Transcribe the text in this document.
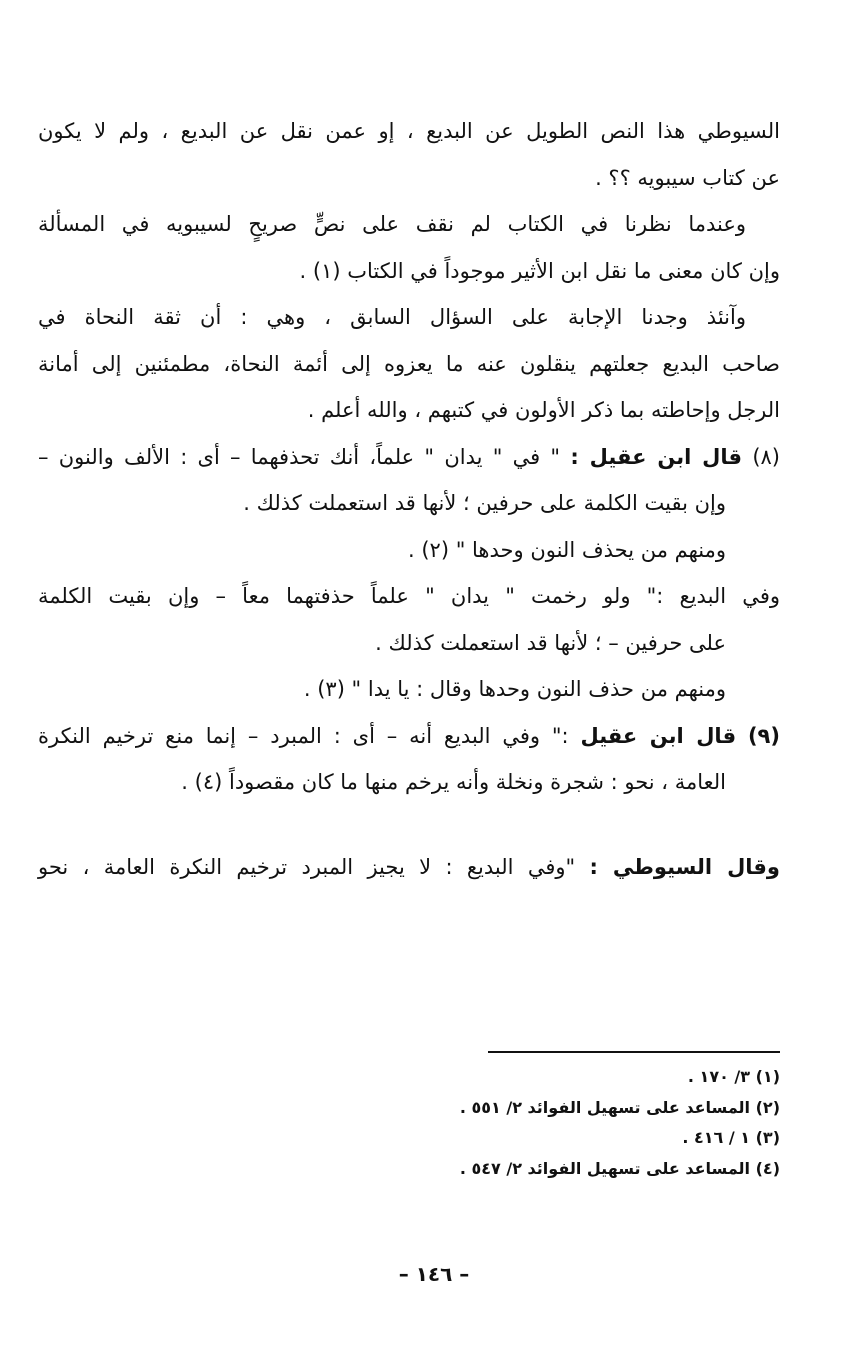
السيوطي هذا النص الطويل عن البديع ، إو عمن نقل عن البديع ، ولم لا يكون
عن كتاب سيبويه ؟؟ .
وعندما نظرنا في الكتاب لم نقف على نصٍّ صريحٍ لسيبويه في المسألة
وإن كان معنى ما نقل ابن الأثير موجوداً في الكتاب (١) .
وآنئذ وجدنا الإجابة على السؤال السابق ، وهي : أن ثقة النحاة في
صاحب البديع جعلتهم ينقلون عنه ما يعزوه إلى أئمة النحاة، مطمئنين إلى أمانة
الرجل وإحاطته بما ذكر الأولون في كتبهم ، والله أعلم .
(٨) قال ابن عقيل : " في " يدان " علماً، أنك تحذفهما – أى : الألف والنون –
وإن بقيت الكلمة على حرفين ؛ لأنها قد استعملت كذلك .
ومنهم من يحذف النون وحدها " (٢) .
وفي البديع :" ولو رخمت " يدان " علماً حذفتهما معاً – وإن بقيت الكلمة
على حرفين – ؛ لأنها قد استعملت كذلك .
ومنهم من حذف النون وحدها وقال : يا يدا " (٣) .
(٩) قال ابن عقيل :" وفي البديع أنه – أى : المبرد – إنما منع ترخيم النكرة
العامة ، نحو : شجرة ونخلة وأنه يرخم منها ما كان مقصوداً (٤) .
وقال السيوطي : "وفي البديع : لا يجيز المبرد ترخيم النكرة العامة ، نحو
(١) ٣/ ١٧٠ .
(٢) المساعد على تسهيل الفوائد ٢/ ٥٥١ .
(٣) ١ / ٤١٦ .
(٤) المساعد على تسهيل الفوائد ٢/ ٥٤٧ .
– ١٤٦ –
